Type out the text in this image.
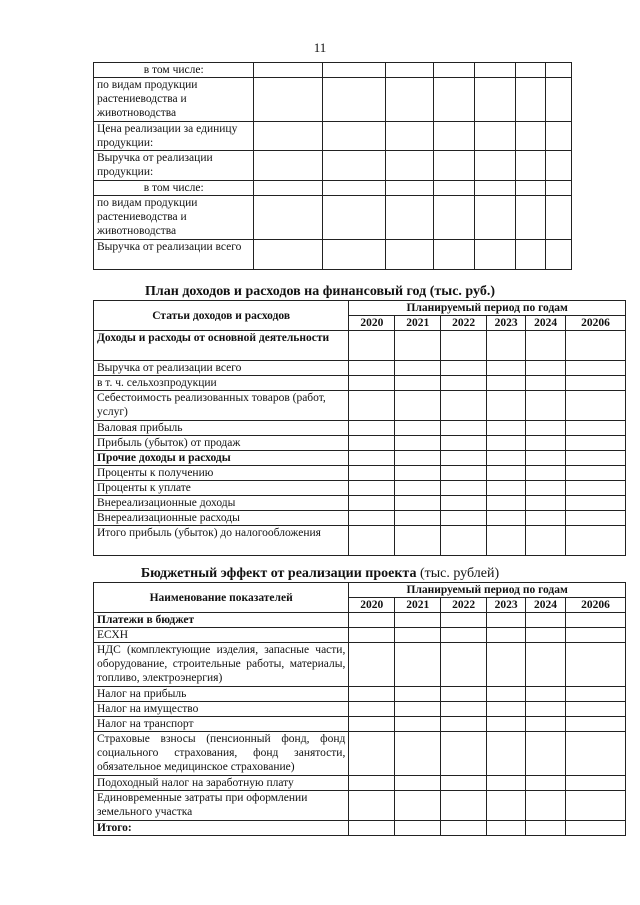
11
в том числе:							
по видам продукции растениеводства и животноводства							
Цена реализации за единицу продукции:							
Выручка от реализации продукции:							
в том числе:							
по видам продукции растениеводства и животноводства							
Выручка от реализации всего							
План доходов и расходов на финансовый год (тыс. руб.)
Статьи доходов и расходов	Планируемый период по годам					
	2020	2021	2022	2023	2024	20206
Доходы и расходы от основной деятельности						
Выручка от реализации всего						
в т. ч. сельхозпродукции						
Себестоимость реализованных товаров (работ, услуг)						
Валовая прибыль						
Прибыль (убыток) от продаж						
Прочие доходы и расходы						
Проценты к получению						
Проценты к уплате						
Внереализационные доходы						
Внереализационные расходы						
Итого прибыль (убыток) до налогообложения						
Бюджетный эффект от реализации проекта (тыс. рублей)
Наименование показателей	Планируемый период по годам					
	2020	2021	2022	2023	2024	20206
Платежи в бюджет						
ЕСХН						
НДС (комплектующие изделия, запасные части, оборудование, строительные работы, материалы, топливо, электроэнергия)						
Налог на прибыль						
Налог на имущество						
Налог на транспорт						
Страховые взносы (пенсионный фонд, фонд социального страхования, фонд занятости, обязательное медицинское страхование)						
Подоходный налог на заработную плату						
Единовременные затраты при оформлении земельного участка						
Итого:						
